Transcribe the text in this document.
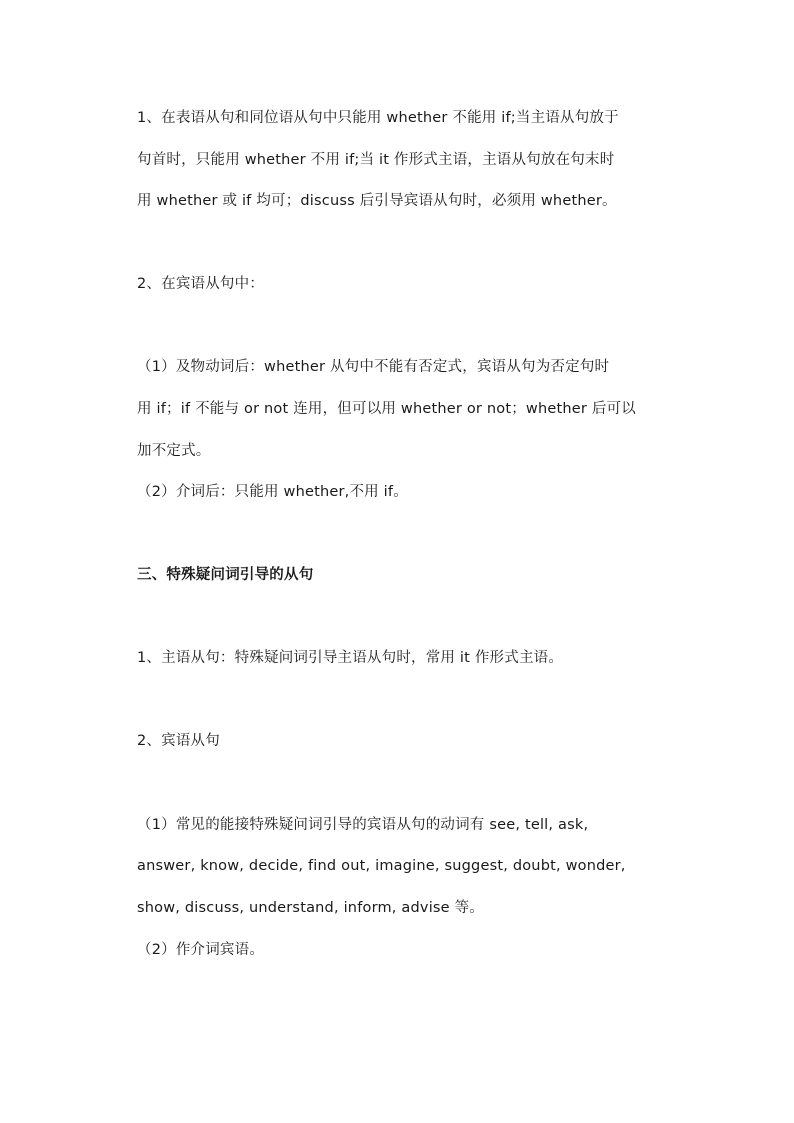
1、在表语从句和同位语从句中只能用 whether 不能用 if;当主语从句放于
句首时，只能用 whether 不用 if;当 it 作形式主语，主语从句放在句末时
用 whether 或 if 均可；discuss 后引导宾语从句时，必须用 whether。
2、在宾语从句中：
（1）及物动词后：whether 从句中不能有否定式，宾语从句为否定句时
用 if；if 不能与 or not 连用，但可以用 whether or not；whether 后可以
加不定式。
（2）介词后：只能用 whether,不用 if。
三、特殊疑问词引导的从句
1、主语从句：特殊疑问词引导主语从句时，常用 it 作形式主语。
2、宾语从句
（1）常见的能接特殊疑问词引导的宾语从句的动词有 see, tell, ask,
answer, know, decide, find out, imagine, suggest, doubt, wonder,
show, discuss, understand, inform, advise 等。
（2）作介词宾语。
